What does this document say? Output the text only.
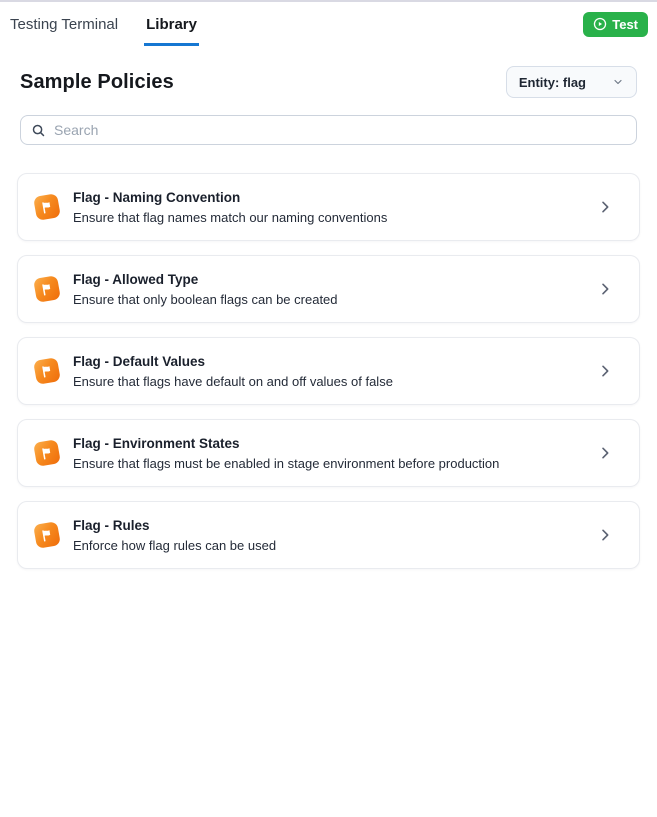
Testing Terminal Library	Test
Sample Policies	Entity: flag
Search
Flag - Naming Convention
Ensure that flag names match our naming conventions
Flag - Allowed Type
Ensure that only boolean flags can be created
Flag - Default Values
Ensure that flags have default on and off values of false
Flag - Environment States
Ensure that flags must be enabled in stage environment before production
Flag - Rules
Enforce how flag rules can be used
